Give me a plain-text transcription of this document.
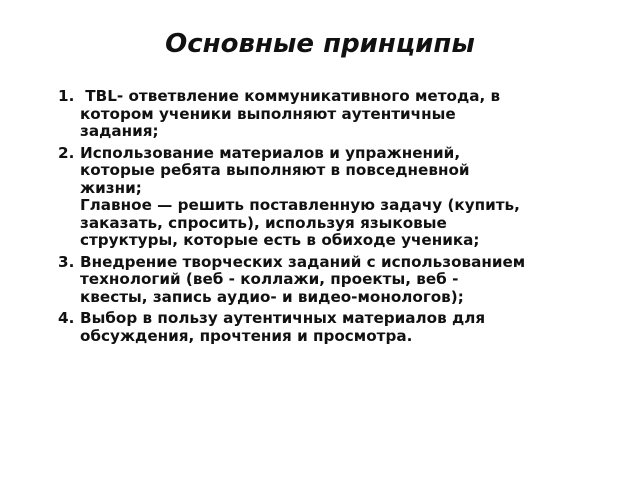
Основные принципы
1. TBL- ответвление коммуникативного метода, в
котором ученики выполняют аутентичные
задания;
2. Использование материалов и упражнений,
которые ребята выполняют в повседневной
жизни;
Главное — решить поставленную задачу (купить,
заказать, спросить), используя языковые
структуры, которые есть в обиходе ученика;
3. Внедрение творческих заданий с использованием
технологий (веб - коллажи, проекты, веб -
квесты, запись аудио- и видео-монологов);
4. Выбор в пользу аутентичных материалов для
обсуждения, прочтения и просмотра.
